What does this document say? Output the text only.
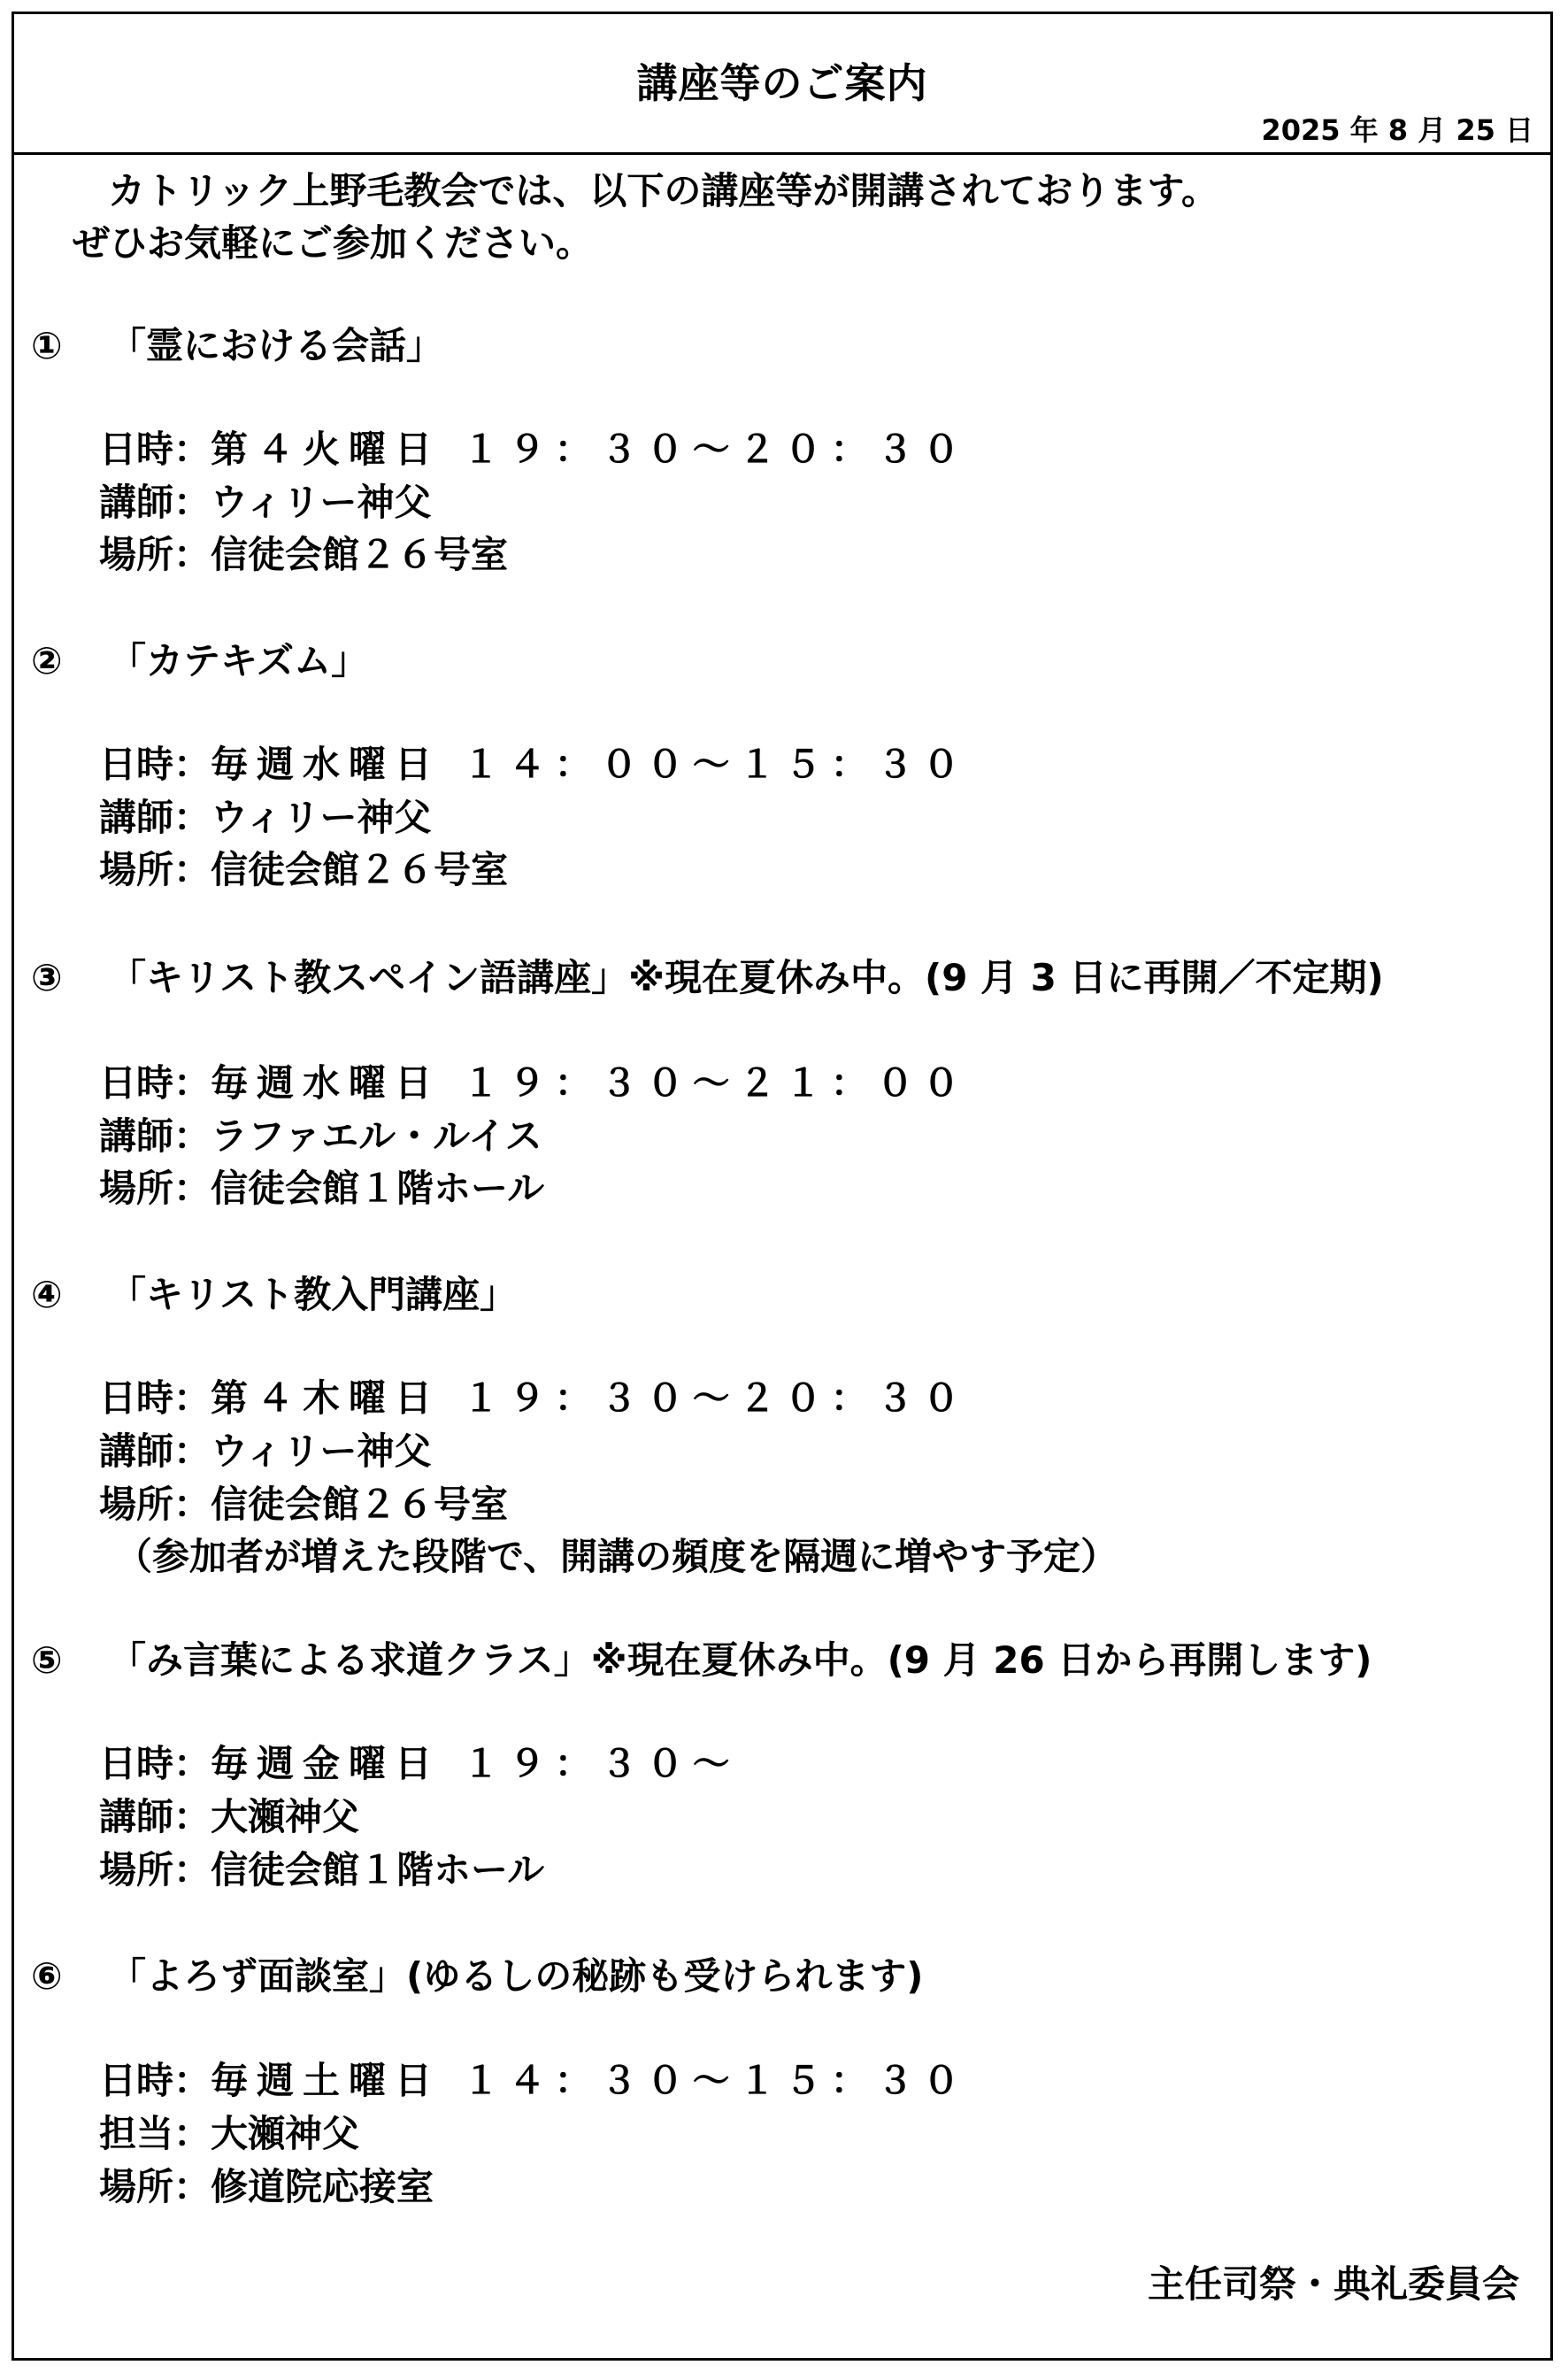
講座等のご案内
2025 年 8 月 25 日
カトリック上野毛教会では、以下の講座等が開講されております。
ぜひお気軽にご参加ください。
① 「霊における会話」
日時：第４火曜日 １９：３０～２０：３０
講師：ウィリー神父
場所：信徒会館２６号室
② 「カテキズム」
日時：毎週水曜日 １４：００～１５：３０
講師：ウィリー神父
場所：信徒会館２６号室
③ 「キリスト教スペイン語講座」※現在夏休み中。(9 月 3 日に再開／不定期)
日時：毎週水曜日 １９：３０～２１：００
講師：ラファエル・ルイス
場所：信徒会館１階ホール
④ 「キリスト教入門講座」
日時：第４木曜日 １９：３０～２０：３０
講師：ウィリー神父
場所：信徒会館２６号室
（参加者が増えた段階で、開講の頻度を隔週に増やす予定）
⑤ 「み言葉による求道クラス」※現在夏休み中。(9 月 26 日から再開します)
日時：毎週金曜日 １９：３０～
講師：大瀬神父
場所：信徒会館１階ホール
⑥ 「よろず面談室」(ゆるしの秘跡も受けられます)
日時：毎週土曜日 １４：３０～１５：３０
担当：大瀬神父
場所：修道院応接室
主任司祭・典礼委員会
